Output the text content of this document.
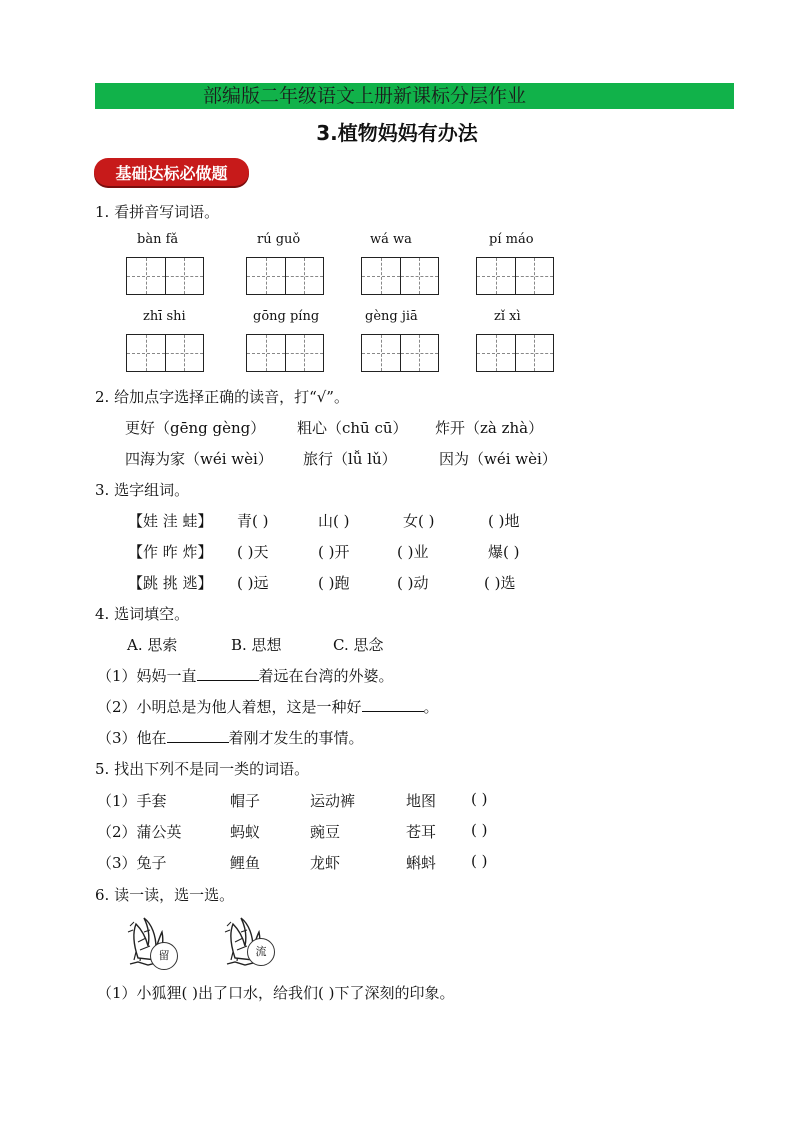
部编版二年级语文上册新课标分层作业
3.植物妈妈有办法
基础达标必做题
1. 看拼音写词语。
bàn fǎ	rú guǒ	wá wa	pí máo
zhī shi	gōng píng	gèng jiā	zǐ xì
2. 给加点字选择正确的读音，打“√”。
更好（gēng gèng） 粗心（chū cū） 炸开（zà zhà）
四海为家（wéi wèi） 旅行（lǚ lǔ）	因为（wéi wèi）
3. 选字组词。
【娃 洼 蛙】 青( )	山( )	女( )	( )地
【作 昨 炸】 ( )天	( )开	( )业	爆( )
【跳 挑 逃】 ( )远	( )跑	( )动	( )选
4. 选词填空。
A. 思索	B. 思想	C. 思念
（1）妈妈一直	着远在台湾的外婆。
（2）小明总是为他人着想，这是一种好	。
（3）他在	着刚才发生的事情。
5. 找出下列不是同一类的词语。
（1）手套	帽子	运动裤	地图 ( )
（2）蒲公英	蚂蚁	豌豆	苍耳 ( )
（3）兔子	鲤鱼	龙虾	蝌蚪 ( )
6. 读一读，选一选。
留	流
（1）小狐狸( )出了口水，给我们( )下了深刻的印象。
